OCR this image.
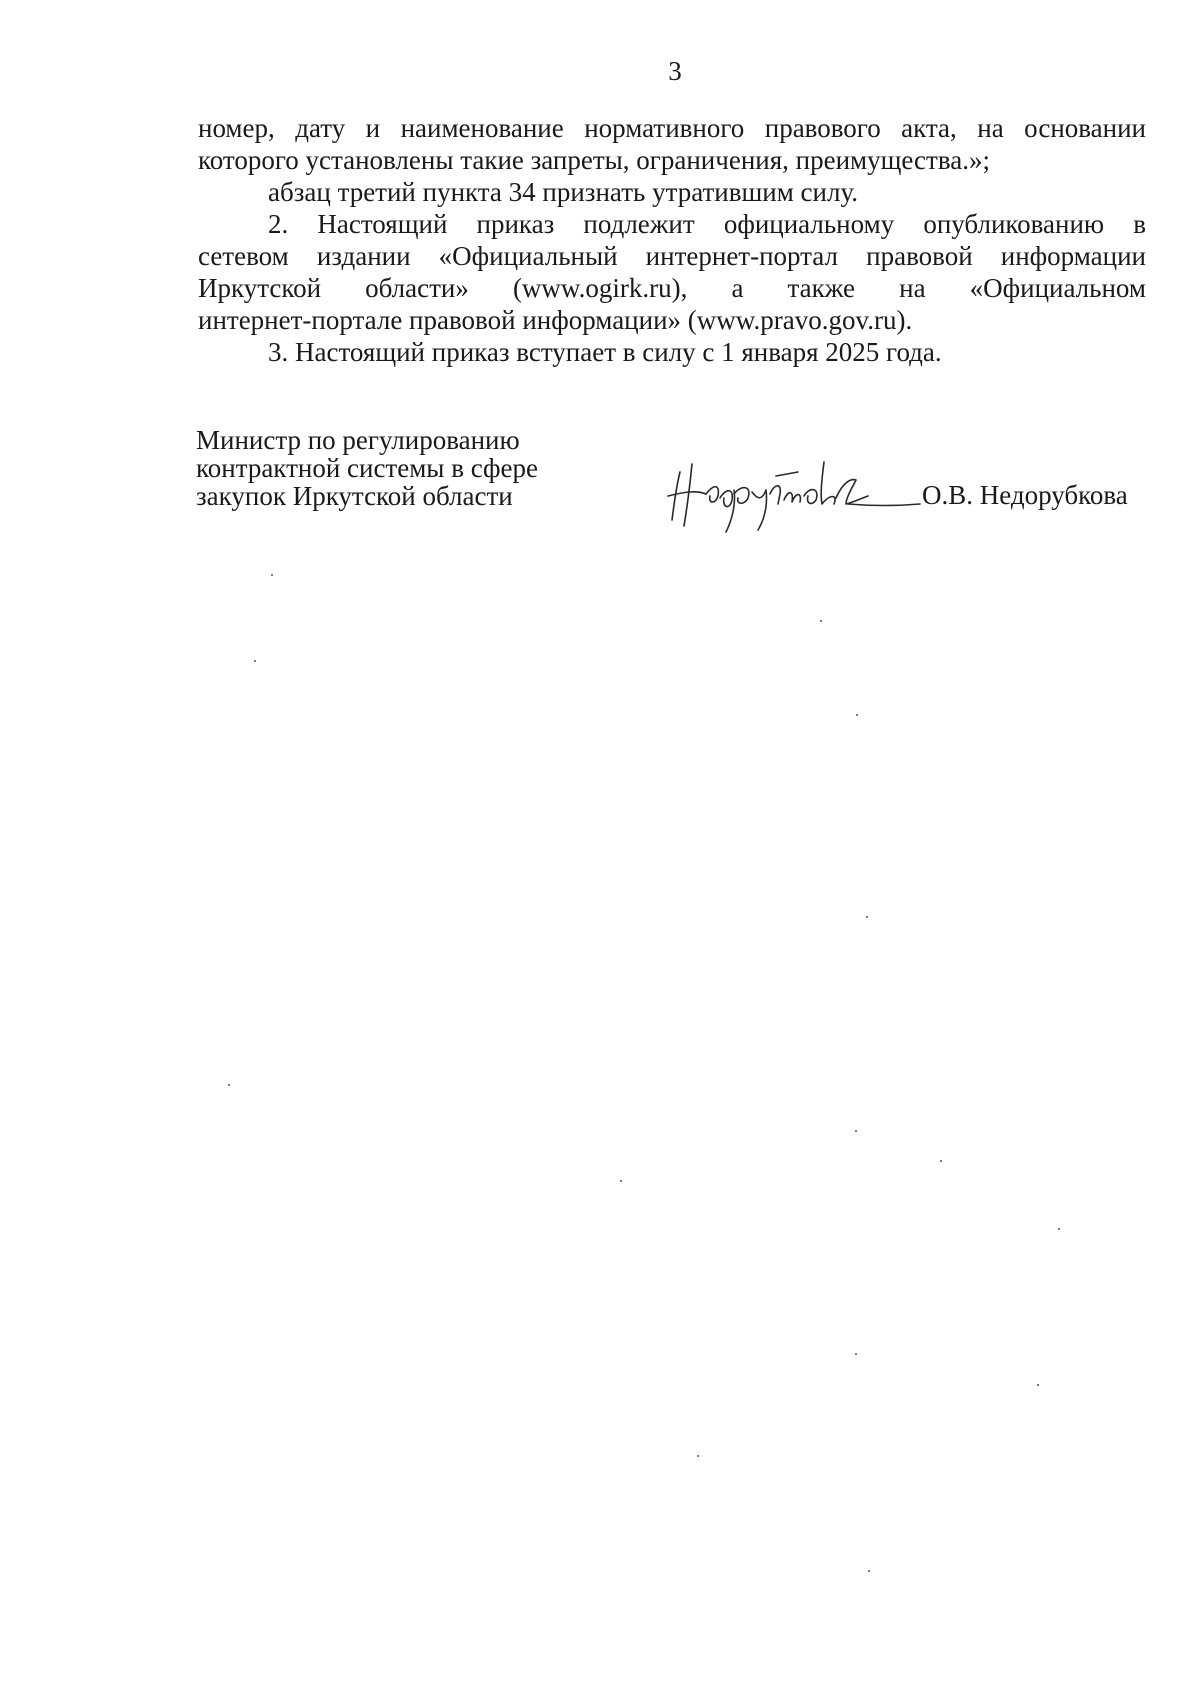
3

номер, дату и наименование нормативного правового акта, на основании
которого установлены такие запреты, ограничения, преимущества.»;

абзац третий пункта 34 признать утратившим силу.

2. Настоящий приказ подлежит официальному опубликованию в
сетевом издании «Официальный интернет-портал правовой информации
Иркутской области» (www.ogirk.ru), а также на «Официальном
интернет-портале правовой информации» (www.pravo.gov.ru).

3. Настоящий приказ вступает в силу с 1 января 2025 года.

Министр по регулированию
контрактной системы в сфере
закупок Иркутской области	О.В. Недорубкова
